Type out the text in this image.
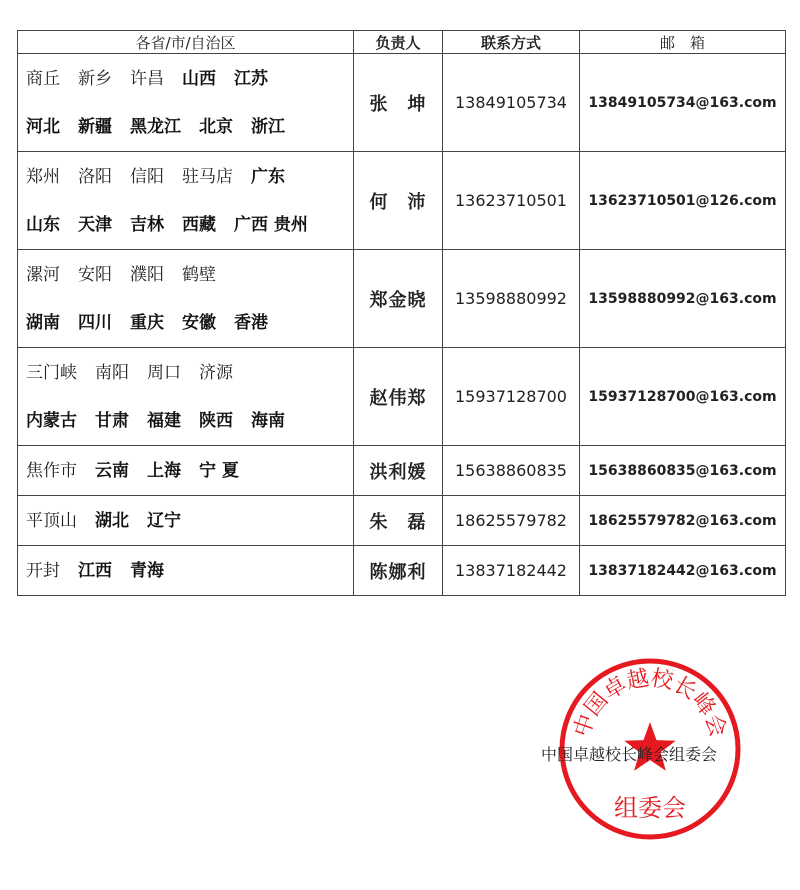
各省/市/自治区	负责人	联系方式	邮　箱

商丘 新乡 许昌 山西 江苏
河北 新疆 黑龙江 北京 浙江	张　坤	13849105734	13849105734@163.com

郑州 洛阳 信阳 驻马店 广东
山东 天津 吉林 西藏 广西 贵州	何　沛	13623710501	13623710501@126.com

漯河 安阳 濮阳 鹤壁
湖南 四川 重庆 安徽 香港	郑金晓	13598880992	13598880992@163.com

三门峡 南阳 周口 济源
内蒙古 甘肃 福建 陕西 海南	赵伟郑	15937128700	15937128700@163.com

焦作市 云南 上海 宁 夏	洪利媛	15638860835	15638860835@163.com

平顶山 湖北 辽宁	朱　磊	18625579782	18625579782@163.com

开封 江西 青海	陈娜利	13837182442	13837182442@163.com
中国卓越校长峰会
组委会
中国卓越校长峰会组委会
